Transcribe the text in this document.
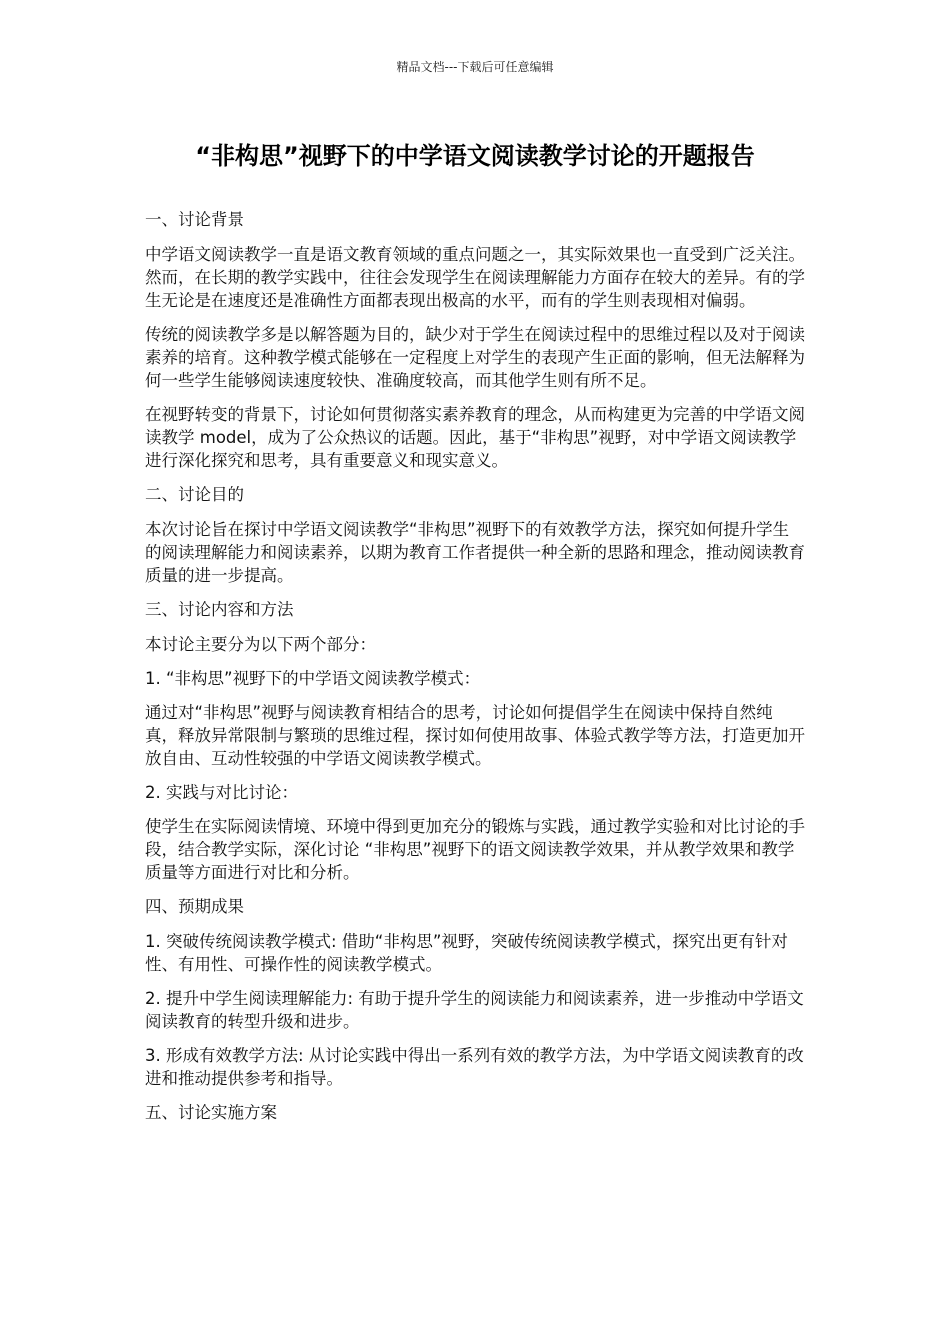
精品文档---下载后可任意编辑
“非构思”视野下的中学语文阅读教学讨论的开题报告

一、讨论背景

中学语文阅读教学一直是语文教育领域的重点问题之一，其实际效果也一直受到广泛关注。然而，在长期的教学实践中，往往会发现学生在阅读理解能力方面存在较大的差异。有的学生无论是在速度还是准确性方面都表现出极高的水平，而有的学生则表现相对偏弱。

传统的阅读教学多是以解答题为目的，缺少对于学生在阅读过程中的思维过程以及对于阅读素养的培育。这种教学模式能够在一定程度上对学生的表现产生正面的影响，但无法解释为何一些学生能够阅读速度较快、准确度较高，而其他学生则有所不足。

在视野转变的背景下，讨论如何贯彻落实素养教育的理念，从而构建更为完善的中学语文阅读教学 model，成为了公众热议的话题。因此，基于“非构思”视野，对中学语文阅读教学进行深化探究和思考，具有重要意义和现实意义。

二、讨论目的

本次讨论旨在探讨中学语文阅读教学“非构思”视野下的有效教学方法，探究如何提升学生的阅读理解能力和阅读素养，以期为教育工作者提供一种全新的思路和理念，推动阅读教育质量的进一步提高。

三、讨论内容和方法

本讨论主要分为以下两个部分：

1. “非构思”视野下的中学语文阅读教学模式：

通过对“非构思”视野与阅读教育相结合的思考，讨论如何提倡学生在阅读中保持自然纯真，释放异常限制与繁琐的思维过程，探讨如何使用故事、体验式教学等方法，打造更加开放自由、互动性较强的中学语文阅读教学模式。

2. 实践与对比讨论：

使学生在实际阅读情境、环境中得到更加充分的锻炼与实践，通过教学实验和对比讨论的手段，结合教学实际，深化讨论 “非构思”视野下的语文阅读教学效果，并从教学效果和教学质量等方面进行对比和分析。

四、预期成果

1. 突破传统阅读教学模式: 借助“非构思”视野，突破传统阅读教学模式，探究出更有针对性、有用性、可操作性的阅读教学模式。

2. 提升中学生阅读理解能力: 有助于提升学生的阅读能力和阅读素养，进一步推动中学语文阅读教育的转型升级和进步。

3. 形成有效教学方法: 从讨论实践中得出一系列有效的教学方法，为中学语文阅读教育的改进和推动提供参考和指导。

五、讨论实施方案
